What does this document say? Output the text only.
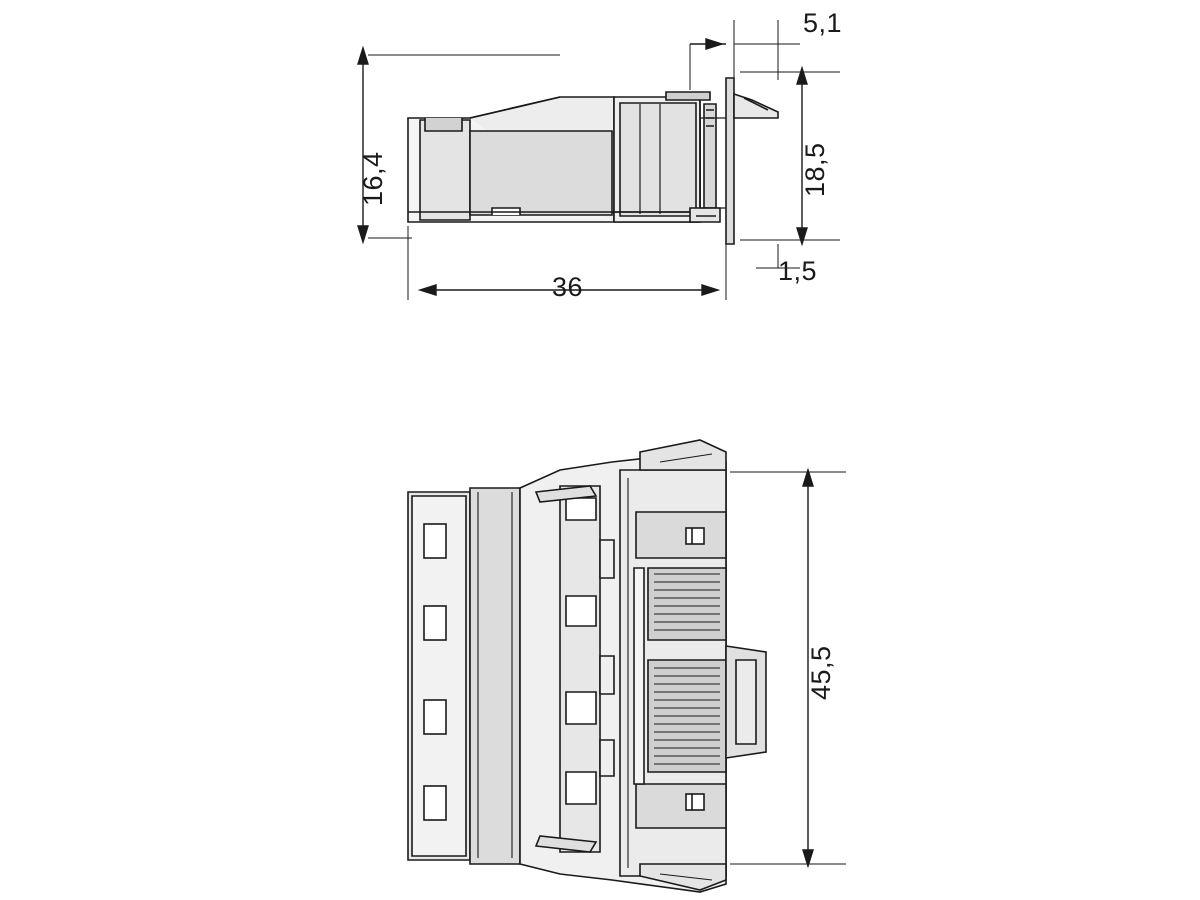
16,4
36
5,1
18,5
1,5
45,5
